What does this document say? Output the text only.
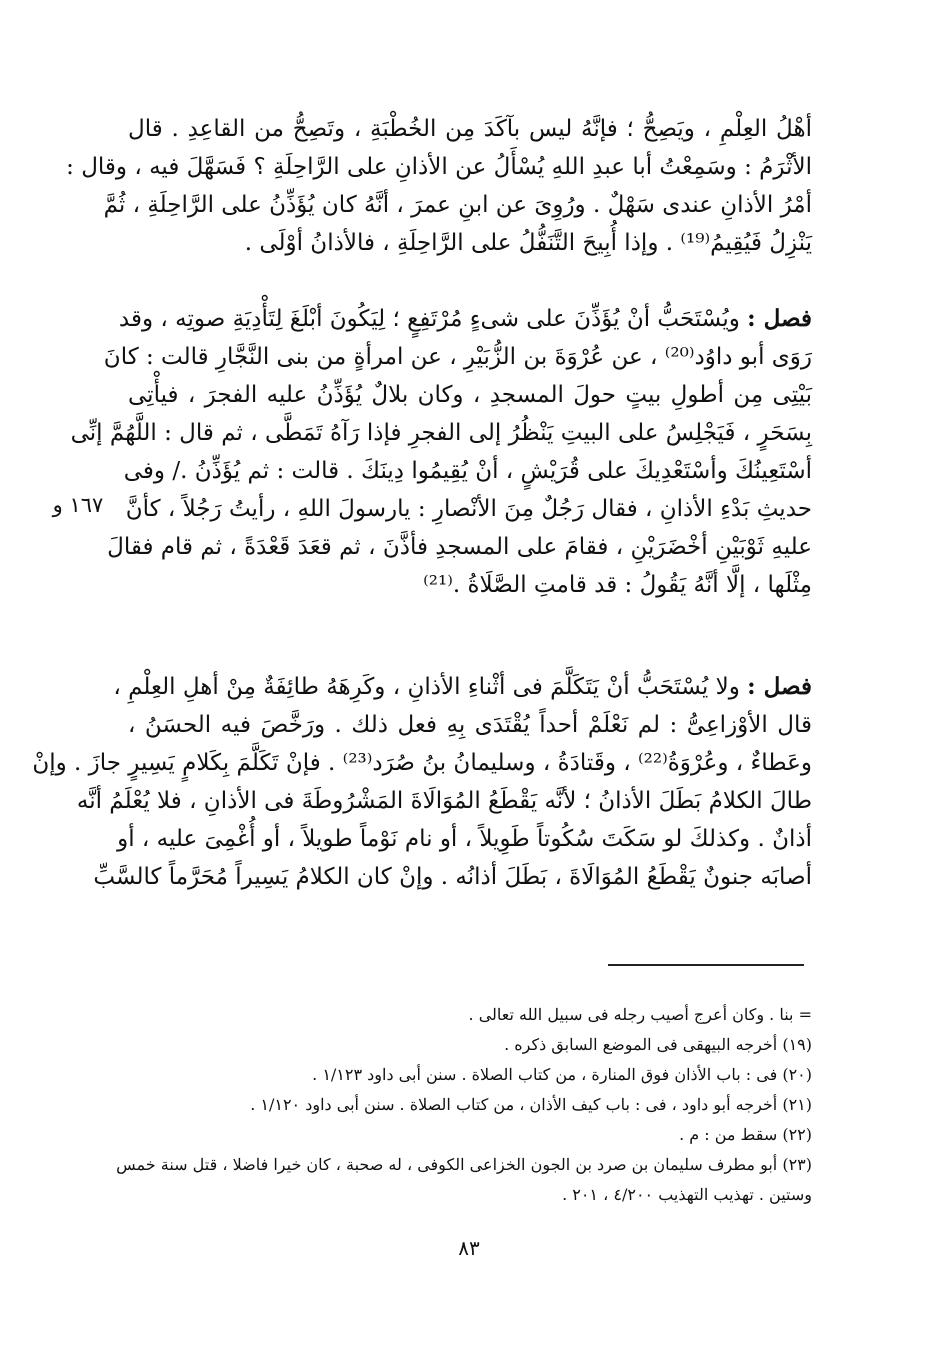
أهْلُ العِلْمِ ، ويَصِحُّ ؛ فإنَّهُ ليس بآكَدَ مِن الخُطْبَةِ ، وتَصِحُّ من القاعِدِ . قال
الأثْرَمُ : وسَمِعْتُ أبا عبدِ اللهِ يُسْأَلُ عن الأذانِ على الرَّاحِلَةِ ؟ فَسَهَّلَ فيه ، وقال :
أمْرُ الأذانِ عندى سَهْلٌ . ورُوِىَ عن ابنِ عمرَ ، أنَّهُ كان يُؤَذِّنُ على الرَّاحِلَةِ ، ثُمَّ
يَنْزِلُ فَيُقِيمُ⁽¹⁹⁾ . وإذا أُبِيحَ التَّنَفُّلُ على الرَّاحِلَةِ ، فالأذانُ أوْلَى .
فصل : ويُسْتَحَبُّ أنْ يُؤَذِّنَ على شىءٍ مُرْتَفِعٍ ؛ لِيَكُونَ أبْلَغَ لِتَأْدِيَةِ صوتِه ، وقد
رَوَى أبو داوُد⁽²⁰⁾ ، عن عُرْوَةَ بن الزُّبَيْرِ ، عن امرأةٍ من بنى النَّجَّارِ قالت : كانَ
بَيْتِى مِن أطولِ بيتٍ حولَ المسجدِ ، وكان بلالٌ يُؤَذِّنُ عليه الفجرَ ، فيأْتِى
بِسَحَرٍ ، فَيَجْلِسُ على البيتِ يَنْظُرُ إلى الفجرِ فإذا رَآهُ تَمَطَّى ، ثم قال : اللَّهُمَّ إنِّى
أسْتَعِينُكَ وأسْتَعْدِيكَ على قُرَيْشٍ ، أنْ يُقِيمُوا دِينَكَ . قالت : ثم يُؤَذِّنُ ./ وفى
حديثِ بَدْءِ الأذانِ ، فقال رَجُلٌ مِنَ الأنْصارِ : يارسولَ اللهِ ، رأيتُ رَجُلاً ، كأنَّ
عليهِ ثَوْبَيْنِ أخْضَرَيْنِ ، فقامَ على المسجدِ فأذَّنَ ، ثم قعَدَ قَعْدَةً ، ثم قام فقالَ
مِثْلَها ، إلَّا أنَّهُ يَقُولُ : قد قامتِ الصَّلَاةُ .⁽²¹⁾
١٦٧ و
فصل : ولا يُسْتَحَبُّ أنْ يَتَكَلَّمَ فى أثْناءِ الأذانِ ، وكَرِهَهُ طائِفَةٌ مِنْ أهلِ العِلْمِ ،
قال الأوْزاعِىُّ : لم نَعْلَمْ أحداً يُقْتَدَى بِهِ فعل ذلك . ورَخَّصَ فيه الحسَنُ ،
وعَطاءٌ ، وعُرْوَةُ⁽²²⁾ ، وقَتادَةُ ، وسليمانُ بنُ صُرَد⁽²³⁾ . فإنْ تَكَلَّمَ بِكَلامٍ يَسِيرٍ جازَ . وإنْ
طالَ الكلامُ بَطَلَ الأذانُ ؛ لأنَّه يَقْطَعُ المُوَالَاةَ المَشْرُوطَةَ فى الأذانِ ، فلا يُعْلَمُ أنَّه
أذانٌ . وكذلكَ لو سَكَتَ سُكُوتاً طَوِيلاً ، أو نام نَوْماً طويلاً ، أو أُغْمِىَ عليه ، أو
أصابَه جنونٌ يَقْطَعُ المُوَالَاةَ ، بَطَلَ أذانُه . وإنْ كان الكلامُ يَسِيراً مُحَرَّماً كالسَّبِّ
= بنا . وكان أعرج أصيب رجله فى سبيل الله تعالى .
(١٩) أخرجه البيهقى فى الموضع السابق ذكره .
(٢٠) فى : باب الأذان فوق المنارة ، من كتاب الصلاة . سنن أبى داود ١/١٢٣ .
(٢١) أخرجه أبو داود ، فى : باب كيف الأذان ، من كتاب الصلاة . سنن أبى داود ١/١٢٠ .
(٢٢) سقط من : م .
(٢٣) أبو مطرف سليمان بن صرد بن الجون الخزاعى الكوفى ، له صحبة ، كان خيرا فاضلا ، قتل سنة خمس
وستين . تهذيب التهذيب ٤/٢٠٠ ، ٢٠١ .
٨٣
